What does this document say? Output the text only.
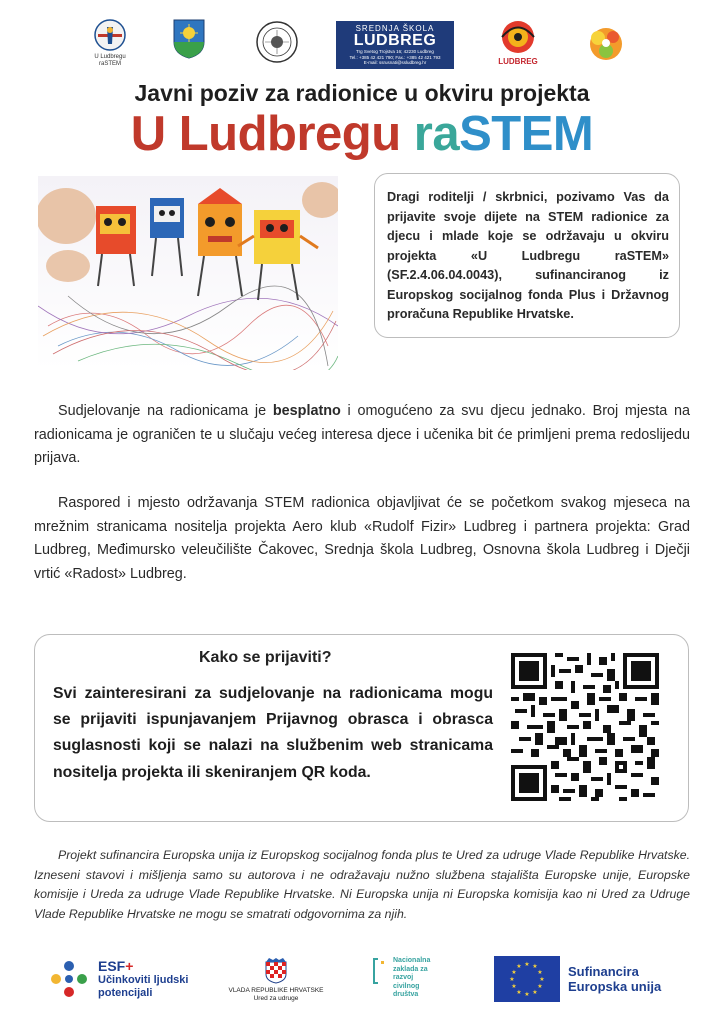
U Ludbregu raSTEM
SREDNJA ŠKOLA
LUDBREG
Trg Svetog Trojstva 16; 42230 Ludbreg
Tel.: +385 42 421 790; Fax.: +385 42 421 793
E-mail: ssrusnati@ssludbreg.hr	LUDBREG
Javni poziv za radionice u okviru projekta
U Ludbregu raSTEM
Dragi roditelji / skrbnici, pozivamo Vas da prijavite svoje dijete na STEM radionice za djecu i mlade koje se održavaju u okviru projekta «U Ludbregu raSTEM» (SF.2.4.06.04.0043), sufinanciranog iz Europskog socijalnog fonda Plus i Državnog proračuna Republike Hrvatske.
Sudjelovanje na radionicama je besplatno i omogućeno za svu djecu jednako. Broj mjesta na radionicama je ograničen te u slučaju većeg interesa djece i učenika bit će primljeni prema redoslijedu prijava.
Raspored i mjesto održavanja STEM radionica objavljivat će se početkom svakog mjeseca na mrežnim stranicama nositelja projekta Aero klub «Rudolf Fizir» Ludbreg i partnera projekta: Grad Ludbreg, Međimursko veleučilište Čakovec, Srednja škola Ludbreg, Osnovna škola Ludbreg i Dječji vrtić «Radost» Ludbreg.
Kako se prijaviti?
Svi zainteresirani za sudjelovanje na radionicama mogu se prijaviti ispunjavanjem Prijavnog obrasca i obrasca suglasnosti koji se nalazi na službenim web stranicama nositelja projekta ili skeniranjem QR koda.
Projekt sufinancira Europska unija iz Europskog socijalnog fonda plus te Ured za udruge Vlade Republike Hrvatske. Izneseni stavovi i mišljenja samo su autorova i ne odražavaju nužno službena stajališta Europske unije, Europske komisije i Ureda za udruge Vlade Republike Hrvatske. Ni Europska unija ni Europska komisija kao ni Ured za Udruge Vlade Republike Hrvatske ne mogu se smatrati odgovornima za njih.
ESF+
Učinkoviti ljudski
potencijali	VLADA REPUBLIKE HRVATSKE
Ured za udruge
Nacionalna
zaklada za
razvoj
civilnog
društva
★ ★
★
★
★
★
★
★
★
★
★
★	Sufinancira
Europska unija
